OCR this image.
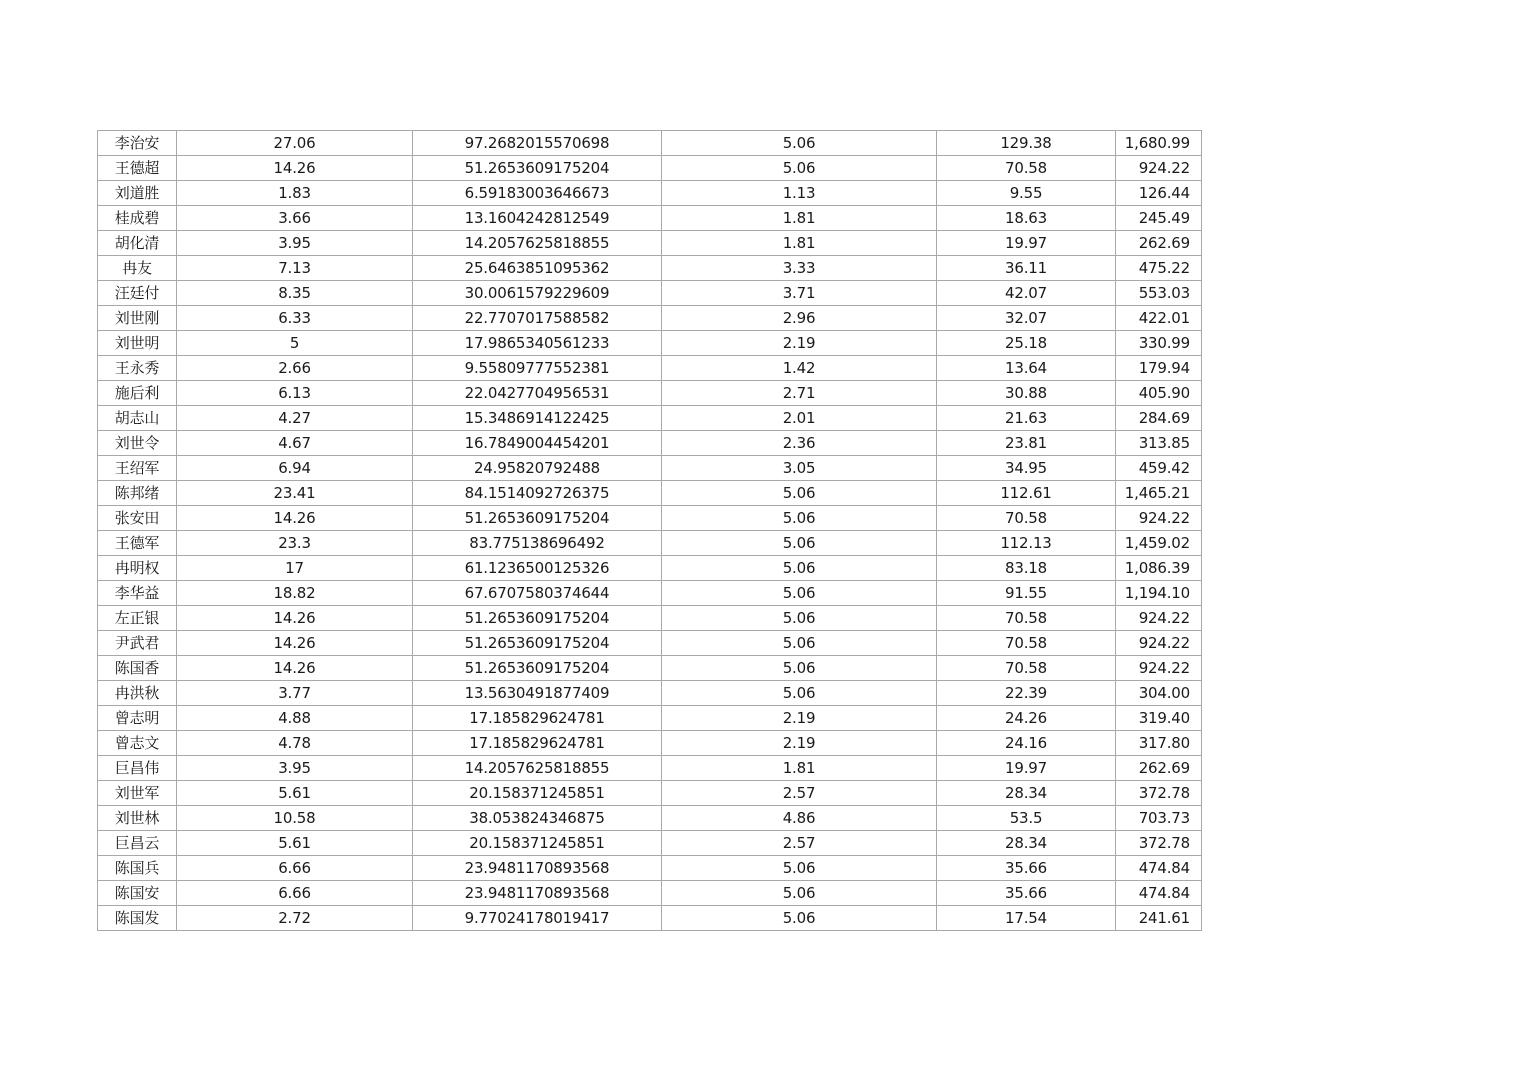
李治安	27.06	97.2682015570698	5.06	129.38	1,680.99
王德超	14.26	51.2653609175204	5.06	70.58	924.22
刘道胜	1.83	6.59183003646673	1.13	9.55	126.44
桂成碧	3.66	13.1604242812549	1.81	18.63	245.49
胡化清	3.95	14.2057625818855	1.81	19.97	262.69
冉友	7.13	25.6463851095362	3.33	36.11	475.22
汪廷付	8.35	30.0061579229609	3.71	42.07	553.03
刘世刚	6.33	22.7707017588582	2.96	32.07	422.01
刘世明	5	17.9865340561233	2.19	25.18	330.99
王永秀	2.66	9.55809777552381	1.42	13.64	179.94
施后利	6.13	22.0427704956531	2.71	30.88	405.90
胡志山	4.27	15.3486914122425	2.01	21.63	284.69
刘世令	4.67	16.7849004454201	2.36	23.81	313.85
王绍军	6.94	24.95820792488	3.05	34.95	459.42
陈邦绪	23.41	84.1514092726375	5.06	112.61	1,465.21
张安田	14.26	51.2653609175204	5.06	70.58	924.22
王德军	23.3	83.775138696492	5.06	112.13	1,459.02
冉明权	17	61.1236500125326	5.06	83.18	1,086.39
李华益	18.82	67.6707580374644	5.06	91.55	1,194.10
左正银	14.26	51.2653609175204	5.06	70.58	924.22
尹武君	14.26	51.2653609175204	5.06	70.58	924.22
陈国香	14.26	51.2653609175204	5.06	70.58	924.22
冉洪秋	3.77	13.5630491877409	5.06	22.39	304.00
曾志明	4.88	17.185829624781	2.19	24.26	319.40
曾志文	4.78	17.185829624781	2.19	24.16	317.80
巨昌伟	3.95	14.2057625818855	1.81	19.97	262.69
刘世军	5.61	20.158371245851	2.57	28.34	372.78
刘世林	10.58	38.053824346875	4.86	53.5	703.73
巨昌云	5.61	20.158371245851	2.57	28.34	372.78
陈国兵	6.66	23.9481170893568	5.06	35.66	474.84
陈国安	6.66	23.9481170893568	5.06	35.66	474.84
陈国发	2.72	9.77024178019417	5.06	17.54	241.61
